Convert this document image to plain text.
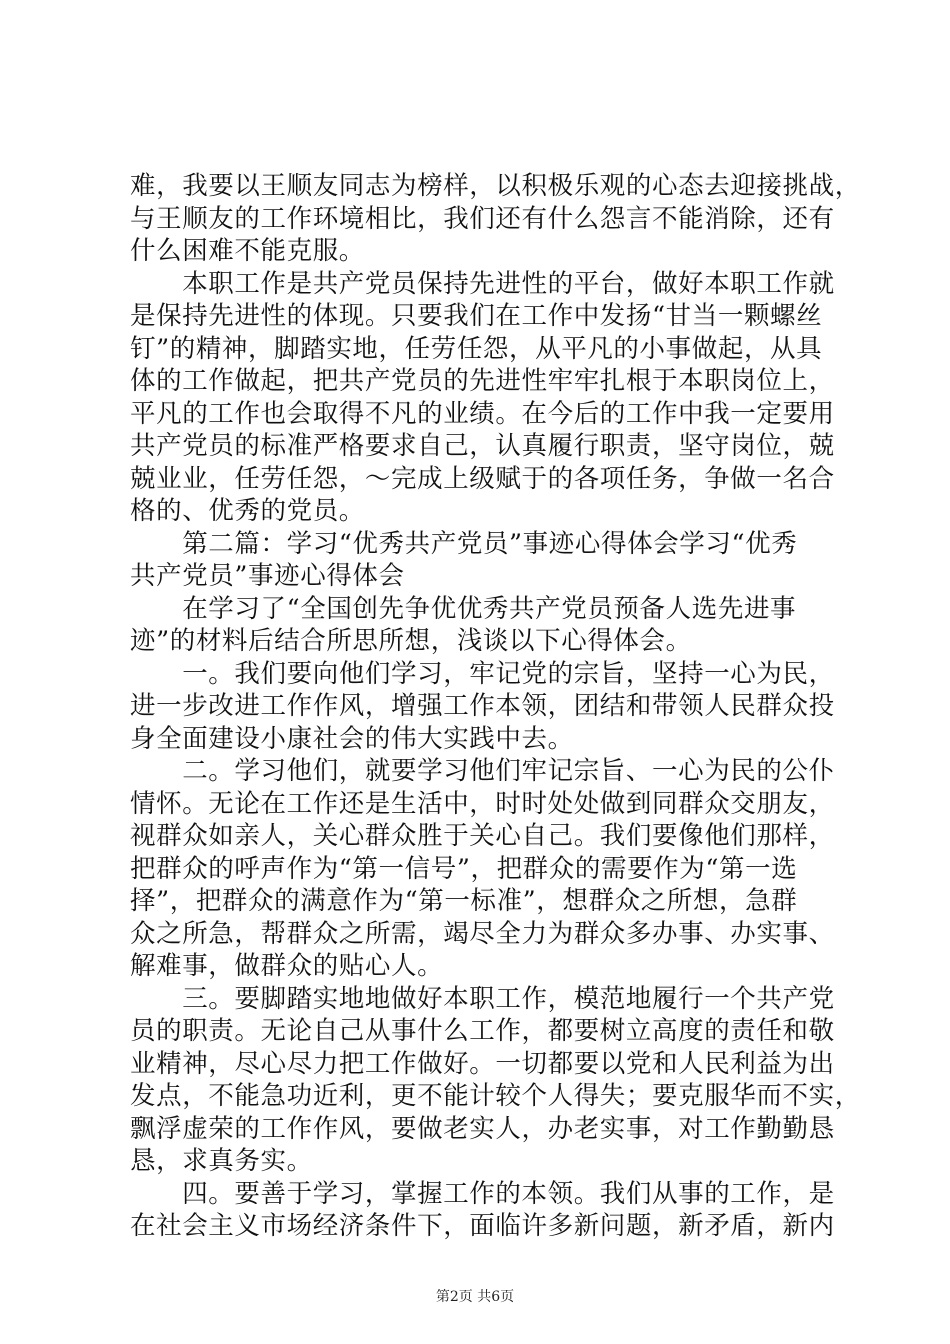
难，我要以王顺友同志为榜样，以积极乐观的心态去迎接挑战，
与王顺友的工作环境相比，我们还有什么怨言不能消除，还有
什么困难不能克服。
　　本职工作是共产党员保持先进性的平台，做好本职工作就
是保持先进性的体现。只要我们在工作中发扬“甘当一颗螺丝
钉”的精神，脚踏实地，任劳任怨，从平凡的小事做起，从具
体的工作做起，把共产党员的先进性牢牢扎根于本职岗位上，
平凡的工作也会取得不凡的业绩。在今后的工作中我一定要用
共产党员的标准严格要求自己，认真履行职责，坚守岗位，兢
兢业业，任劳任怨，～完成上级赋于的各项任务，争做一名合
格的、优秀的党员。
　　第二篇：学习“优秀共产党员”事迹心得体会学习“优秀
共产党员”事迹心得体会
　　在学习了“全国创先争优优秀共产党员预备人选先进事
迹”的材料后结合所思所想，浅谈以下心得体会。
　　一。我们要向他们学习，牢记党的宗旨，坚持一心为民，
进一步改进工作作风，增强工作本领，团结和带领人民群众投
身全面建设小康社会的伟大实践中去。
　　二。学习他们，就要学习他们牢记宗旨、一心为民的公仆
情怀。无论在工作还是生活中，时时处处做到同群众交朋友，
视群众如亲人，关心群众胜于关心自己。我们要像他们那样，
把群众的呼声作为“第一信号”，把群众的需要作为“第一选
择”，把群众的满意作为“第一标准”，想群众之所想，急群
众之所急，帮群众之所需，竭尽全力为群众多办事、办实事、
解难事，做群众的贴心人。
　　三。要脚踏实地地做好本职工作，模范地履行一个共产党
员的职责。无论自己从事什么工作，都要树立高度的责任和敬
业精神，尽心尽力把工作做好。一切都要以党和人民利益为出
发点，不能急功近利，更不能计较个人得失；要克服华而不实，
飘浮虚荣的工作作风，要做老实人，办老实事，对工作勤勤恳
恳，求真务实。
　　四。要善于学习，掌握工作的本领。我们从事的工作，是
在社会主义市场经济条件下，面临许多新问题，新矛盾，新内
第2页 共6页
